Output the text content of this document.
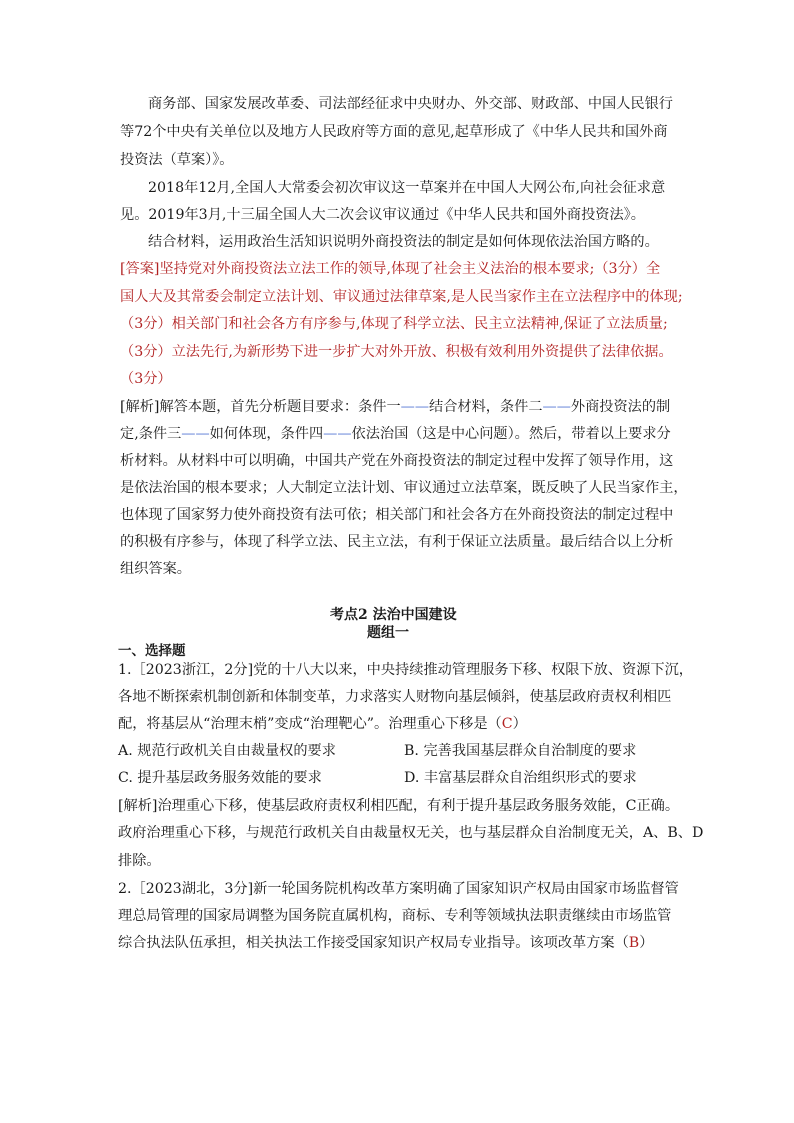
商务部、国家发展改革委、司法部经征求中央财办、外交部、财政部、中国人民银行
等72个中央有关单位以及地方人民政府等方面的意见,起草形成了《中华人民共和国外商
投资法（草案）》。
2018年12月,全国人大常委会初次审议这一草案并在中国人大网公布,向社会征求意
见。2019年3月,十三届全国人大二次会议审议通过《中华人民共和国外商投资法》。
结合材料，运用政治生活知识说明外商投资法的制定是如何体现依法治国方略的。
[答案]坚持党对外商投资法立法工作的领导,体现了社会主义法治的根本要求;（3分）全
国人大及其常委会制定立法计划、审议通过法律草案,是人民当家作主在立法程序中的体现;
（3分）相关部门和社会各方有序参与,体现了科学立法、民主立法精神,保证了立法质量;
（3分）立法先行,为新形势下进一步扩大对外开放、积极有效利用外资提供了法律依据。
（3分）
[解析]解答本题，首先分析题目要求：条件一——结合材料，条件二——外商投资法的制
定,条件三——如何体现，条件四——依法治国（这是中心问题）。然后，带着以上要求分
析材料。从材料中可以明确，中国共产党在外商投资法的制定过程中发挥了领导作用，这
是依法治国的根本要求；人大制定立法计划、审议通过立法草案，既反映了人民当家作主，
也体现了国家努力使外商投资有法可依；相关部门和社会各方在外商投资法的制定过程中
的积极有序参与，体现了科学立法、民主立法，有利于保证立法质量。最后结合以上分析
组织答案。
考点2 法治中国建设
题组一
一、选择题
1.［2023浙江，2分]党的十八大以来，中央持续推动管理服务下移、权限下放、资源下沉，
各地不断探索机制创新和体制变革，力求落实人财物向基层倾斜，使基层政府责权利相匹
配，将基层从“治理末梢”变成“治理靶心”。治理重心下移是（C）
A. 规范行政机关自由裁量权的要求	B. 完善我国基层群众自治制度的要求
C. 提升基层政务服务效能的要求	D. 丰富基层群众自治组织形式的要求
[解析]治理重心下移，使基层政府责权利相匹配，有利于提升基层政务服务效能，C正确。
政府治理重心下移，与规范行政机关自由裁量权无关，也与基层群众自治制度无关，A、B、D
排除。
2.［2023湖北，3分]新一轮国务院机构改革方案明确了国家知识产权局由国家市场监督管
理总局管理的国家局调整为国务院直属机构，商标、专利等领域执法职责继续由市场监管
综合执法队伍承担，相关执法工作接受国家知识产权局专业指导。该项改革方案（B）
